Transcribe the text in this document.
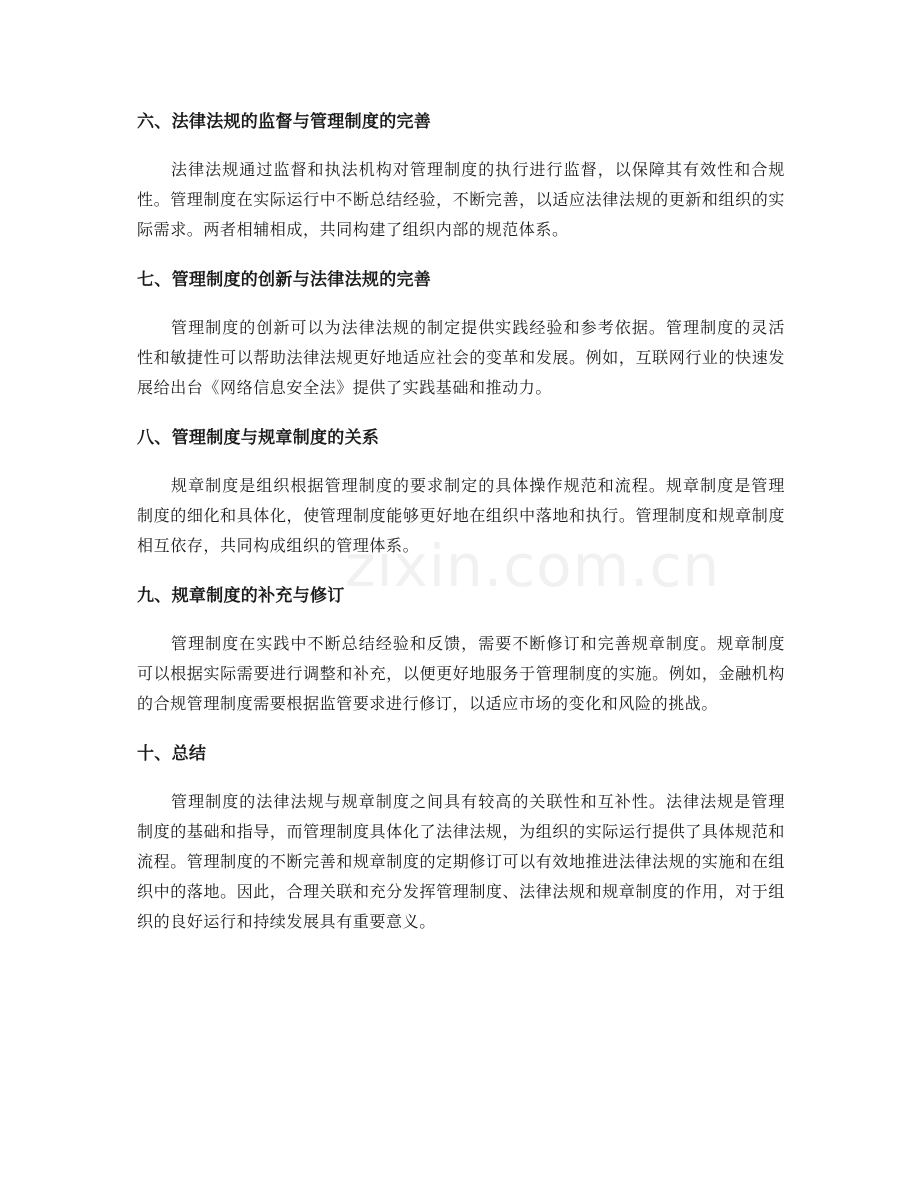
zixin.com.cn
六、法律法规的监督与管理制度的完善

法律法规通过监督和执法机构对管理制度的执行进行监督，以保障其有效性和合规性。管理制度在实际运行中不断总结经验，不断完善，以适应法律法规的更新和组织的实际需求。两者相辅相成，共同构建了组织内部的规范体系。

七、管理制度的创新与法律法规的完善

管理制度的创新可以为法律法规的制定提供实践经验和参考依据。管理制度的灵活性和敏捷性可以帮助法律法规更好地适应社会的变革和发展。例如，互联网行业的快速发展给出台《网络信息安全法》提供了实践基础和推动力。

八、管理制度与规章制度的关系

规章制度是组织根据管理制度的要求制定的具体操作规范和流程。规章制度是管理制度的细化和具体化，使管理制度能够更好地在组织中落地和执行。管理制度和规章制度相互依存，共同构成组织的管理体系。

九、规章制度的补充与修订

管理制度在实践中不断总结经验和反馈，需要不断修订和完善规章制度。规章制度可以根据实际需要进行调整和补充，以便更好地服务于管理制度的实施。例如，金融机构的合规管理制度需要根据监管要求进行修订，以适应市场的变化和风险的挑战。

十、总结

管理制度的法律法规与规章制度之间具有较高的关联性和互补性。法律法规是管理制度的基础和指导，而管理制度具体化了法律法规，为组织的实际运行提供了具体规范和流程。管理制度的不断完善和规章制度的定期修订可以有效地推进法律法规的实施和在组织中的落地。因此，合理关联和充分发挥管理制度、法律法规和规章制度的作用，对于组织的良好运行和持续发展具有重要意义。
